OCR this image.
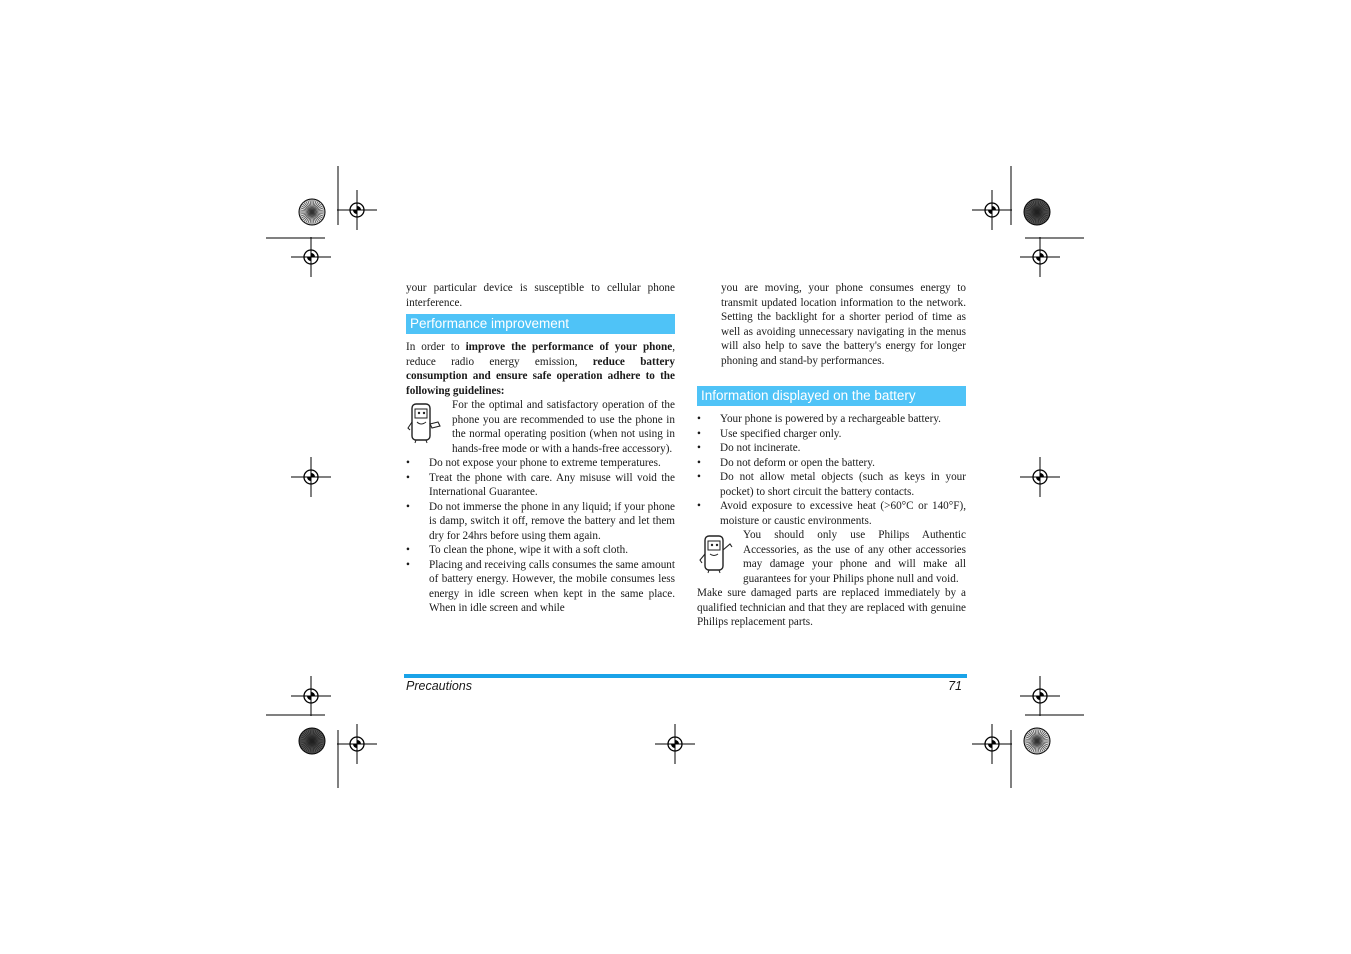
your particular device is susceptible to cellular phone interference.

Performance improvement

In order to improve the performance of your phone, reduce radio energy emission, reduce battery consumption and ensure safe operation adhere to the following guidelines:

For the optimal and satisfactory operation of the phone you are recommended to use the phone in the normal operating position (when not using in hands-free mode or with a hands-free accessory).

• Do not expose your phone to extreme temperatures.
• Treat the phone with care. Any misuse will void the International Guarantee.
• Do not immerse the phone in any liquid; if your phone is damp, switch it off, remove the battery and let them dry for 24hrs before using them again.
• To clean the phone, wipe it with a soft cloth.
• Placing and receiving calls consumes the same amount of battery energy. However, the mobile consumes less energy in idle screen when kept in the same place. When in idle screen and while

you are moving, your phone consumes energy to transmit updated location information to the network. Setting the backlight for a shorter period of time as well as avoiding unnecessary navigating in the menus will also help to save the battery's energy for longer phoning and stand-by performances.

Information displayed on the battery
• Your phone is powered by a rechargeable battery.
• Use specified charger only.
• Do not incinerate.
• Do not deform or open the battery.
• Do not allow metal objects (such as keys in your pocket) to short circuit the battery contacts.
• Avoid exposure to excessive heat (>60°C or 140°F), moisture or caustic environments.

You should only use Philips Authentic Accessories, as the use of any other accessories may damage your phone and will make all guarantees for your Philips phone null and void.

Make sure damaged parts are replaced immediately by a qualified technician and that they are replaced with genuine Philips replacement parts.

Precautions	71
